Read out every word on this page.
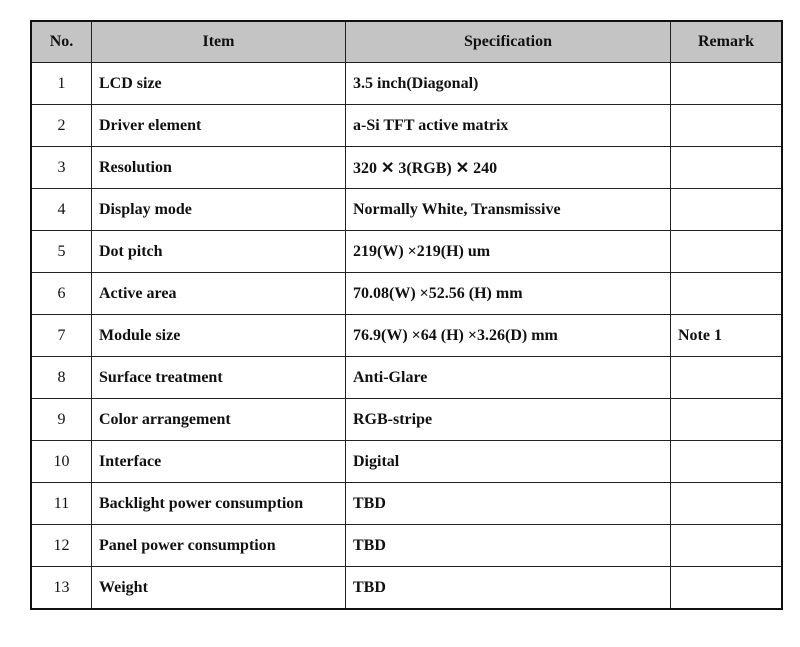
No.	Item	Specification	Remark
1	LCD size	3.5 inch(Diagonal)	
2	Driver element	a-Si TFT active matrix	
3	Resolution	320 ✕ 3(RGB) ✕ 240	
4	Display mode	Normally White, Transmissive	
5	Dot pitch	219(W) ×219(H) um	
6	Active area	70.08(W) ×52.56 (H) mm	
7	Module size	76.9(W) ×64 (H) ×3.26(D) mm	Note 1
8	Surface treatment	Anti-Glare	
9	Color arrangement	RGB-stripe	
10	Interface	Digital	
11	Backlight power consumption	TBD	
12	Panel power consumption	TBD	
13	Weight	TBD	
